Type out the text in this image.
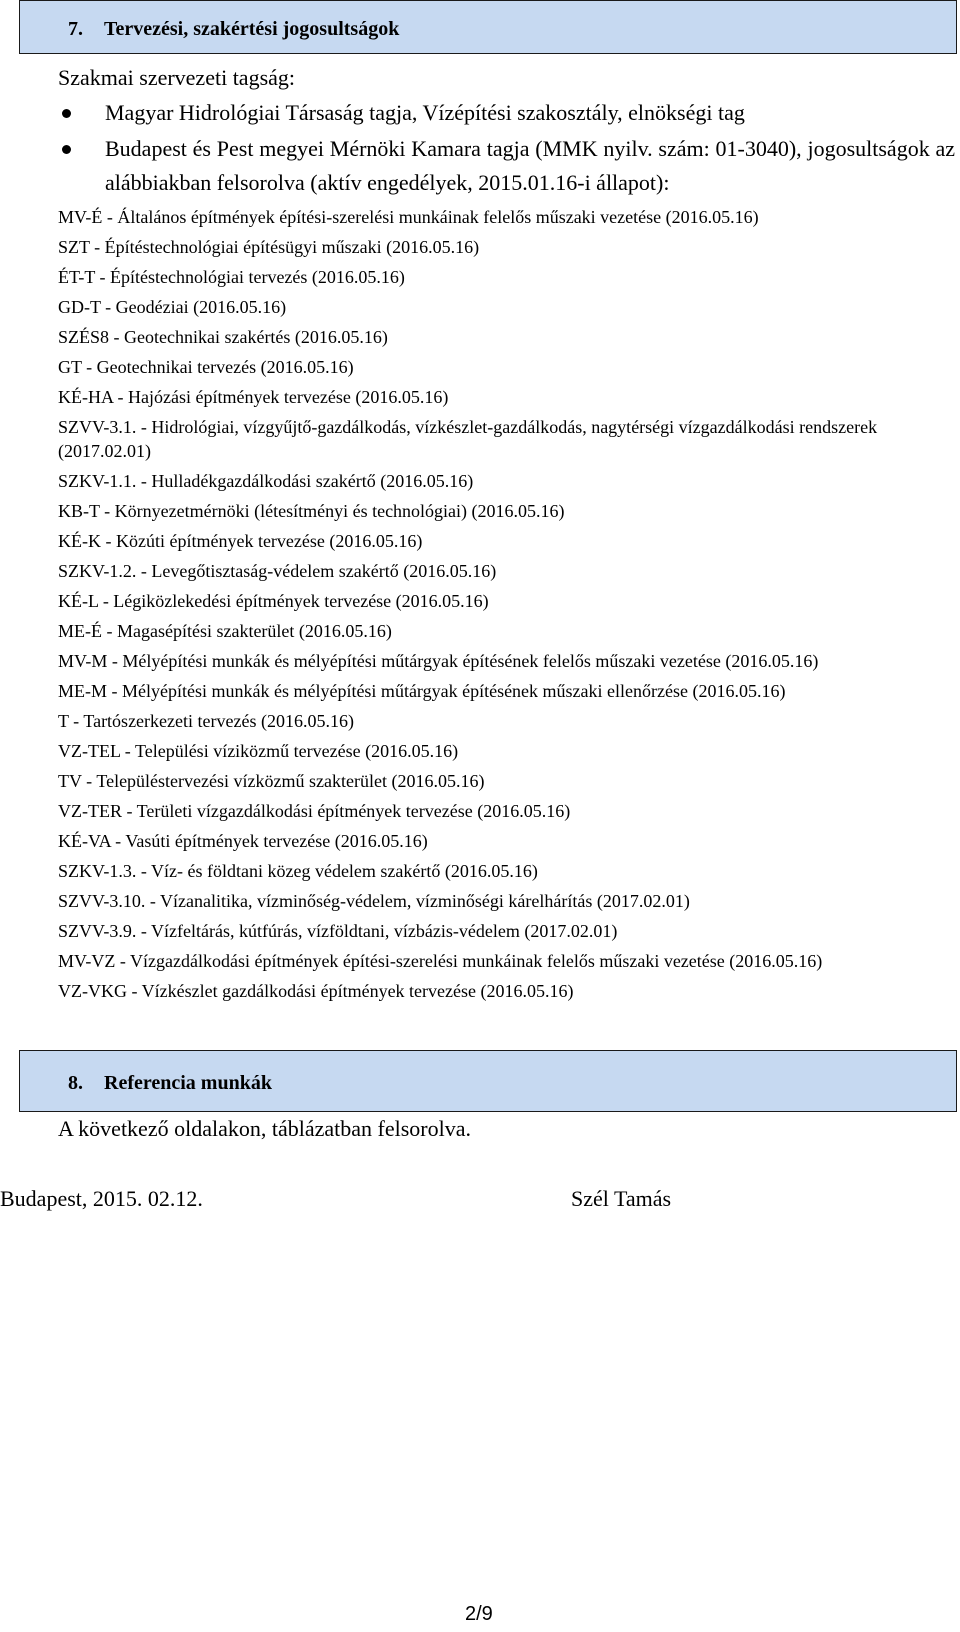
7. Tervezési, szakértési jogosultságok
Szakmai szervezeti tagság:
Magyar Hidrológiai Társaság tagja, Vízépítési szakosztály, elnökségi tag
Budapest és Pest megyei Mérnöki Kamara tagja (MMK nyilv. szám: 01-3040), jogosultságok az alábbiakban felsorolva (aktív engedélyek, 2015.01.16-i állapot):
MV-É - Általános építmények építési-szerelési munkáinak felelős műszaki vezetése (2016.05.16)
SZT - Építéstechnológiai építésügyi műszaki (2016.05.16)
ÉT-T - Építéstechnológiai tervezés (2016.05.16)
GD-T - Geodéziai (2016.05.16)
SZÉS8 - Geotechnikai szakértés (2016.05.16)
GT - Geotechnikai tervezés (2016.05.16)
KÉ-HA - Hajózási építmények tervezése (2016.05.16)
SZVV-3.1. - Hidrológiai, vízgyűjtő-gazdálkodás, vízkészlet-gazdálkodás, nagytérségi vízgazdálkodási rendszerek (2017.02.01)
SZKV-1.1. - Hulladékgazdálkodási szakértő (2016.05.16)
KB-T - Környezetmérnöki (létesítményi és technológiai) (2016.05.16)
KÉ-K - Közúti építmények tervezése (2016.05.16)
SZKV-1.2. - Levegőtisztaság-védelem szakértő (2016.05.16)
KÉ-L - Légiközlekedési építmények tervezése (2016.05.16)
ME-É - Magasépítési szakterület (2016.05.16)
MV-M - Mélyépítési munkák és mélyépítési műtárgyak építésének felelős műszaki vezetése (2016.05.16)
ME-M - Mélyépítési munkák és mélyépítési műtárgyak építésének műszaki ellenőrzése (2016.05.16)
T - Tartószerkezeti tervezés (2016.05.16)
VZ-TEL - Települési víziközmű tervezése (2016.05.16)
TV - Településtervezési vízközmű szakterület (2016.05.16)
VZ-TER - Területi vízgazdálkodási építmények tervezése (2016.05.16)
KÉ-VA - Vasúti építmények tervezése (2016.05.16)
SZKV-1.3. - Víz- és földtani közeg védelem szakértő (2016.05.16)
SZVV-3.10. - Vízanalitika, vízminőség-védelem, vízminőségi kárelhárítás (2017.02.01)
SZVV-3.9. - Vízfeltárás, kútfúrás, vízföldtani, vízbázis-védelem (2017.02.01)
MV-VZ - Vízgazdálkodási építmények építési-szerelési munkáinak felelős műszaki vezetése (2016.05.16)
VZ-VKG - Vízkészlet gazdálkodási építmények tervezése (2016.05.16)
8. Referencia munkák
A következő oldalakon, táblázatban felsorolva.
Budapest, 2015. 02.12.	Szél Tamás
2/9
